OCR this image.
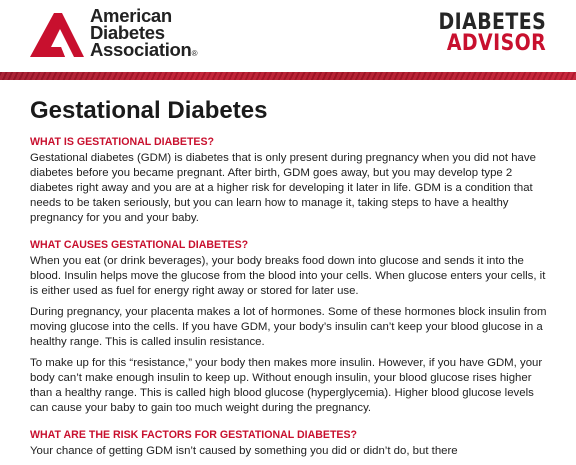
American
Diabetes
Association®
DIABETES
ADVISOR
Gestational Diabetes
WHAT IS GESTATIONAL DIABETES?

Gestational diabetes (GDM) is diabetes that is only present during pregnancy when you did not have diabetes before you became pregnant. After birth, GDM goes away, but you may develop type 2 diabetes right away and you are at a higher risk for developing it later in life. GDM is a condition that needs to be taken seriously, but you can learn how to manage it, taking steps to have a healthy pregnancy for you and your baby.

WHAT CAUSES GESTATIONAL DIABETES?

When you eat (or drink beverages), your body breaks food down into glucose and sends it into the blood. Insulin helps move the glucose from the blood into your cells. When glucose enters your cells, it is either used as fuel for energy right away or stored for later use.

During pregnancy, your placenta makes a lot of hormones. Some of these hormones block insulin from moving glucose into the cells. If you have GDM, your body’s insulin can’t keep your blood glucose in a healthy range. This is called insulin resistance.

To make up for this “resistance,” your body then makes more insulin. However, if you have GDM, your body can’t make enough insulin to keep up. Without enough insulin, your blood glucose rises higher than a healthy range. This is called high blood glucose (hyperglycemia). Higher blood glucose levels can cause your baby to gain too much weight during the pregnancy.

WHAT ARE THE RISK FACTORS FOR GESTATIONAL DIABETES?

Your chance of getting GDM isn’t caused by something you did or didn’t do, but there
